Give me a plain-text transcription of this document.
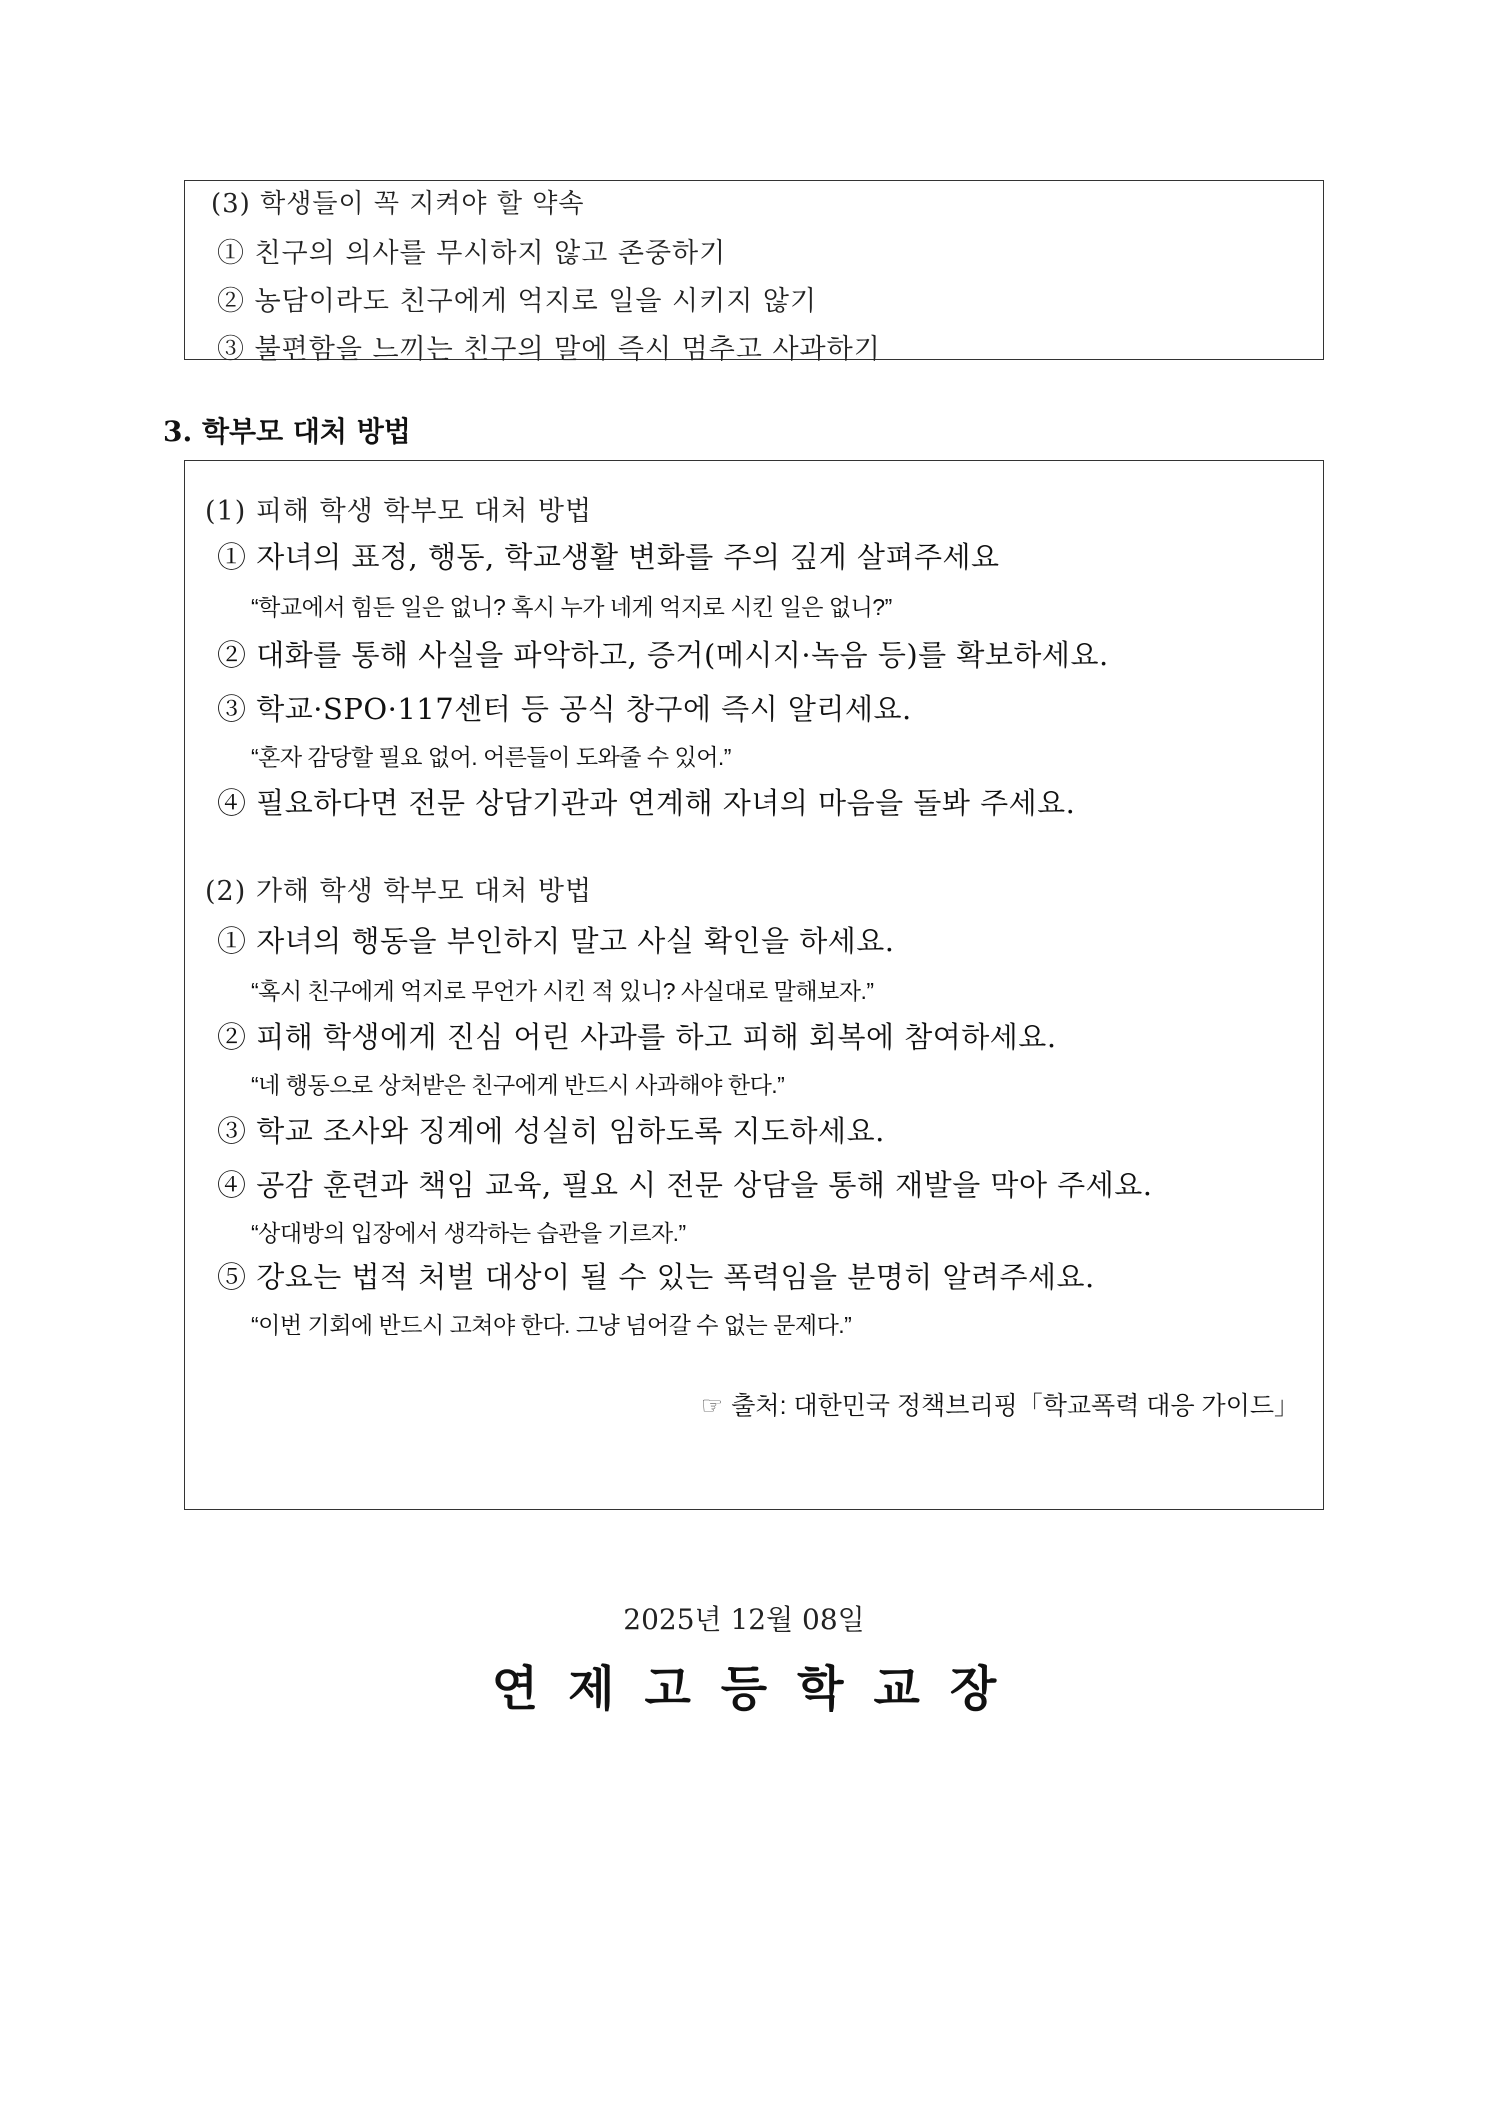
(3) 학생들이 꼭 지켜야 할 약속
① 친구의 의사를 무시하지 않고 존중하기
② 농담이라도 친구에게 억지로 일을 시키지 않기
③ 불편함을 느끼는 친구의 말에 즉시 멈추고 사과하기
3. 학부모 대처 방법
(1) 피해 학생 학부모 대처 방법
① 자녀의 표정, 행동, 학교생활 변화를 주의 깊게 살펴주세요
“학교에서 힘든 일은 없니? 혹시 누가 네게 억지로 시킨 일은 없니?”
② 대화를 통해 사실을 파악하고, 증거(메시지·녹음 등)를 확보하세요.
③ 학교·SPO·117센터 등 공식 창구에 즉시 알리세요.
“혼자 감당할 필요 없어. 어른들이 도와줄 수 있어.”
④ 필요하다면 전문 상담기관과 연계해 자녀의 마음을 돌봐 주세요.
(2) 가해 학생 학부모 대처 방법
① 자녀의 행동을 부인하지 말고 사실 확인을 하세요.
“혹시 친구에게 억지로 무언가 시킨 적 있니? 사실대로 말해보자.”
② 피해 학생에게 진심 어린 사과를 하고 피해 회복에 참여하세요.
“네 행동으로 상처받은 친구에게 반드시 사과해야 한다.”
③ 학교 조사와 징계에 성실히 임하도록 지도하세요.
④ 공감 훈련과 책임 교육, 필요 시 전문 상담을 통해 재발을 막아 주세요.
“상대방의 입장에서 생각하는 습관을 기르자.”
⑤ 강요는 법적 처벌 대상이 될 수 있는 폭력임을 분명히 알려주세요.
“이번 기회에 반드시 고쳐야 한다. 그냥 넘어갈 수 없는 문제다.”
☞ 출처: 대한민국 정책브리핑「학교폭력 대응 가이드」
2025년 12월 08일
연제고등학교장
